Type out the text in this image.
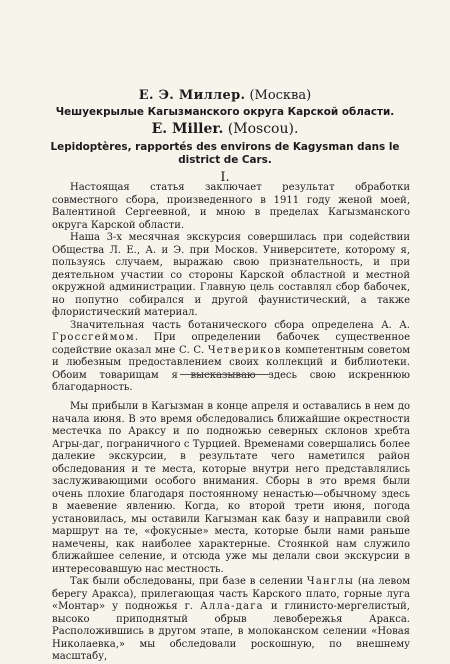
Е. Э. Миллер. (Москва)
Чешуекрылые Кагызманского округа Карской области.
E. Miller. (Moscou).
Lepidoptères, rapportés des environs de Kagysman dans le district de Cars.
I.

Настоящая статья заключает результат обработки совместного сбора, произведенного в 1911 году женой моей, Валентиной Сергеевной, и мною в пределах Кагызманского округа Карской области.

Наша 3-х месячная экскурсия совершилась при содействии Общества Л. Е., А. и Э. при Москов. Университете, которому я, пользуясь случаем, выражаю свою признательность, и при деятельном участии со стороны Карской областной и местной окружной администрации. Главную цель составлял сбор бабочек, но попутно собирался и другой фаунистический, а также флористический материал.

Значительная часть ботанического сбора определена А. А. Гроссгеймом. При определении бабочек существенное содействие оказал мне С. С. Четвериков компетентным советом и любезным предоставлением своих коллекций и библиотеки. Обоим товарищам я высказываю здесь свою искреннюю благодарность.

Мы прибыли в Кагызман в конце апреля и оставались в нем до начала июня. В это время обследовались ближайшие окрестности местечка по Араксу и по подножью северных склонов хребта Агры-даг, пограничного с Турцией. Временами совершались более далекие экскурсии, в результате чего наметился район обследования и те места, которые внутри него представлялись заслуживающими особого внимания. Сборы в это время были очень плохие благодаря постоянному ненастью—обычному здесь в маевение явлению. Когда, ко второй трети июня, погода установилась, мы оставили Кагызман как базу и направили свой маршрут на те, «фокусные» места, которые были нами раньше намечены, как наиболее характерные. Стоянкой нам служило ближайшее селение, и отсюда уже мы делали свои экскурсии в интересовавшую нас местность.

Так были обследованы, при базе в селении Чанглы (на левом берегу Аракса), прилегающая часть Карского плато, горные луга «Монтар» у подножья г. Алла-дага и глинисто-мергелистый, высоко приподнятый обрыв левобережья Аракса. Расположившись в другом этапе, в молоканском селении «Новая Николаевка,» мы обследовали роскошную, по внешнему масштабу,
